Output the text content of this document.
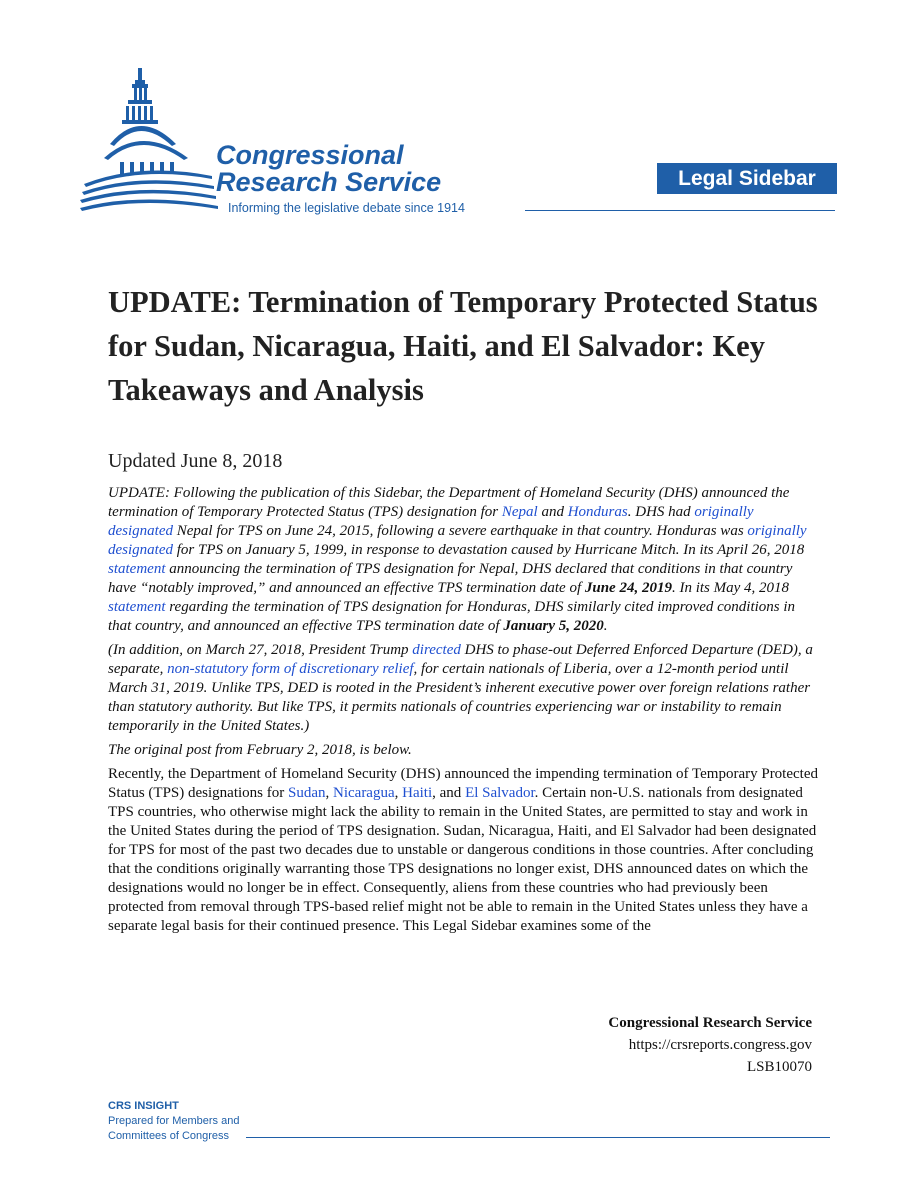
Congressional
Research Service
Informing the legislative debate since 1914
Legal Sidebar
UPDATE: Termination of Temporary Protected Status for Sudan, Nicaragua, Haiti, and El Salvador: Key Takeaways and Analysis
Updated June 8, 2018

UPDATE: Following the publication of this Sidebar, the Department of Homeland Security (DHS) announced the termination of Temporary Protected Status (TPS) designation for Nepal and Honduras. DHS had originally designated Nepal for TPS on June 24, 2015, following a severe earthquake in that country. Honduras was originally designated for TPS on January 5, 1999, in response to devastation caused by Hurricane Mitch. In its April 26, 2018 statement announcing the termination of TPS designation for Nepal, DHS declared that conditions in that country have “notably improved,” and announced an effective TPS termination date of June 24, 2019. In its May 4, 2018 statement regarding the termination of TPS designation for Honduras, DHS similarly cited improved conditions in that country, and announced an effective TPS termination date of January 5, 2020.

(In addition, on March 27, 2018, President Trump directed DHS to phase-out Deferred Enforced Departure (DED), a separate, non-statutory form of discretionary relief, for certain nationals of Liberia, over a 12-month period until March 31, 2019. Unlike TPS, DED is rooted in the President’s inherent executive power over foreign relations rather than statutory authority. But like TPS, it permits nationals of countries experiencing war or instability to remain temporarily in the United States.)

The original post from February 2, 2018, is below.

Recently, the Department of Homeland Security (DHS) announced the impending termination of Temporary Protected Status (TPS) designations for Sudan, Nicaragua, Haiti, and El Salvador. Certain non-U.S. nationals from designated TPS countries, who otherwise might lack the ability to remain in the United States, are permitted to stay and work in the United States during the period of TPS designation. Sudan, Nicaragua, Haiti, and El Salvador had been designated for TPS for most of the past two decades due to unstable or dangerous conditions in those countries. After concluding that the conditions originally warranting those TPS designations no longer exist, DHS announced dates on which the designations would no longer be in effect. Consequently, aliens from these countries who had previously been protected from removal through TPS-based relief might not be able to remain in the United States unless they have a separate legal basis for their continued presence. This Legal Sidebar examines some of the

Congressional Research Service
https://crsreports.congress.gov
LSB10070
CRS INSIGHT
Prepared for Members and
Committees of Congress
